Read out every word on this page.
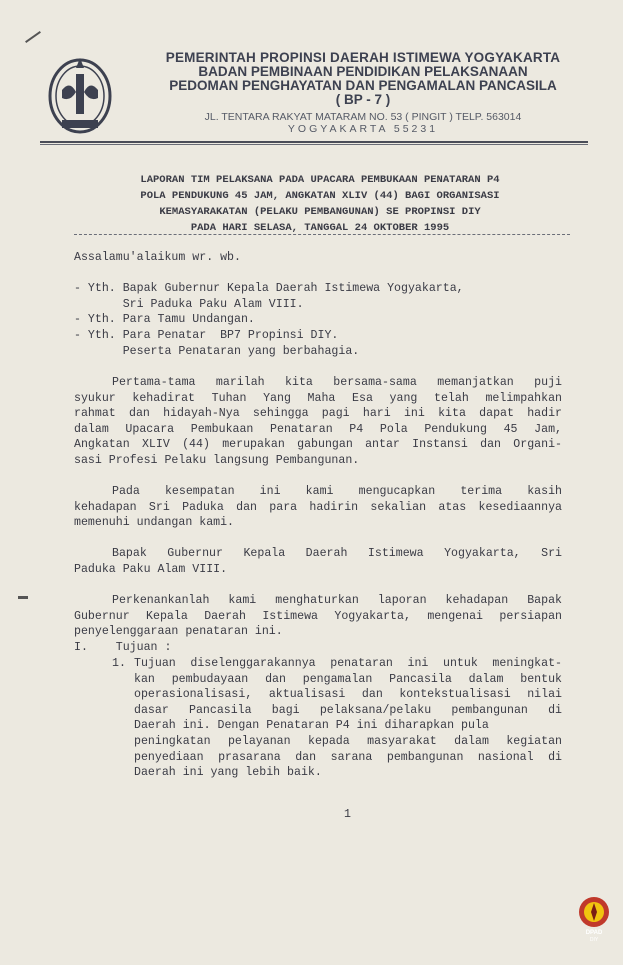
PEMERINTAH PROPINSI DAERAH ISTIMEWA YOGYAKARTA
BADAN PEMBINAAN PENDIDIKAN PELAKSANAAN
PEDOMAN PENGHAYATAN DAN PENGAMALAN PANCASILA
( BP - 7 )
JL. TENTARA RAKYAT MATARAM NO. 53 ( PINGIT ) TELP. 563014
YOGYAKARTA 55231
LAPORAN TIM PELAKSANA PADA UPACARA PEMBUKAAN PENATARAN P4
POLA PENDUKUNG 45 JAM, ANGKATAN XLIV (44) BAGI ORGANISASI
KEMASYARAKATAN (PELAKU PEMBANGUNAN) SE PROPINSI DIY
PADA HARI SELASA, TANGGAL 24 OKTOBER 1995
Assalamu'alaikum wr. wb.
- Yth. Bapak Gubernur Kepala Daerah Istimewa Yogyakarta,
Sri Paduka Paku Alam VIII.
- Yth. Para Tamu Undangan.
- Yth. Para Penatar  BP7 Propinsi DIY.
Peserta Penataran yang berbahagia.
Pertama-tama marilah kita bersama-sama memanjatkan puji
syukur kehadirat Tuhan Yang Maha Esa yang telah melimpahkan
rahmat dan hidayah-Nya sehingga pagi hari ini kita dapat hadir
dalam Upacara Pembukaan Penataran P4 Pola Pendukung 45 Jam,
Angkatan XLIV (44) merupakan gabungan antar Instansi dan Organi-
sasi Profesi Pelaku langsung Pembangunan.
Pada kesempatan ini kami mengucapkan terima kasih
kehadapan Sri Paduka dan para hadirin sekalian atas kesediaannya
memenuhi undangan kami.
Bapak Gubernur Kepala Daerah Istimewa Yogyakarta, Sri
Paduka Paku Alam VIII.
Perkenankanlah kami menghaturkan laporan kehadapan Bapak
Gubernur Kepala Daerah Istimewa Yogyakarta, mengenai persiapan
penyelenggaraan penataran ini.
I.    Tujuan :
1. Tujuan diselenggarakannya penataran ini untuk meningkat-
kan pembudayaan dan pengamalan Pancasila dalam bentuk
operasionalisasi, aktualisasi dan kontekstualisasi nilai
dasar Pancasila bagi pelaksana/pelaku pembangunan di
Daerah ini. Dengan Penataran P4 ini diharapkan pula
peningkatan pelayanan kepada masyarakat dalam kegiatan
penyediaan prasarana dan sarana pembangunan nasional di
Daerah ini yang lebih baik.
1
DPAD
DIY
